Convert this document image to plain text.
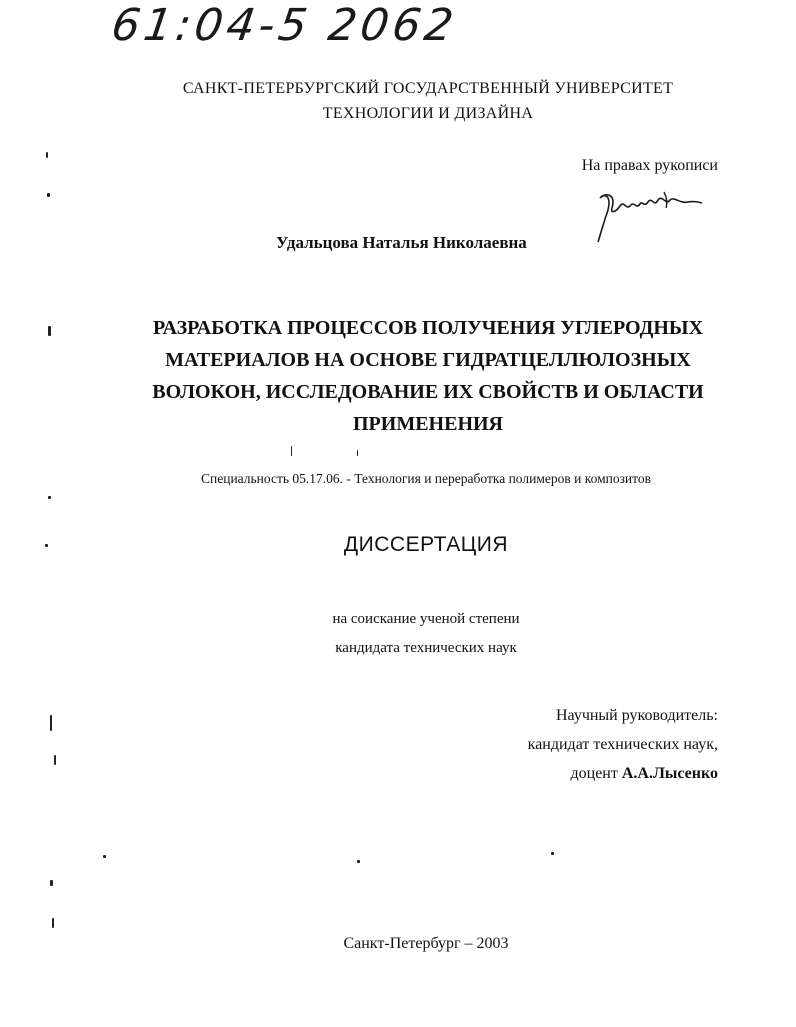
61:04-5 2062
САНКТ-ПЕТЕРБУРГСКИЙ ГОСУДАРСТВЕННЫЙ УНИВЕРСИТЕТ
ТЕХНОЛОГИИ И ДИЗАЙНА
На правах рукописи
Удальцова Наталья Николаевна
РАЗРАБОТКА ПРОЦЕССОВ ПОЛУЧЕНИЯ УГЛЕРОДНЫХ
МАТЕРИАЛОВ НА ОСНОВЕ ГИДРАТЦЕЛЛЮЛОЗНЫХ
ВОЛОКОН, ИССЛЕДОВАНИЕ ИХ СВОЙСТВ И ОБЛАСТИ
ПРИМЕНЕНИЯ
Специальность 05.17.06. - Технология и переработка полимеров и композитов
ДИССЕРТАЦИЯ
на соискание ученой степени
кандидата технических наук
Научный руководитель:
кандидат технических наук,
доцент А.А.Лысенко
Санкт-Петербург – 2003
